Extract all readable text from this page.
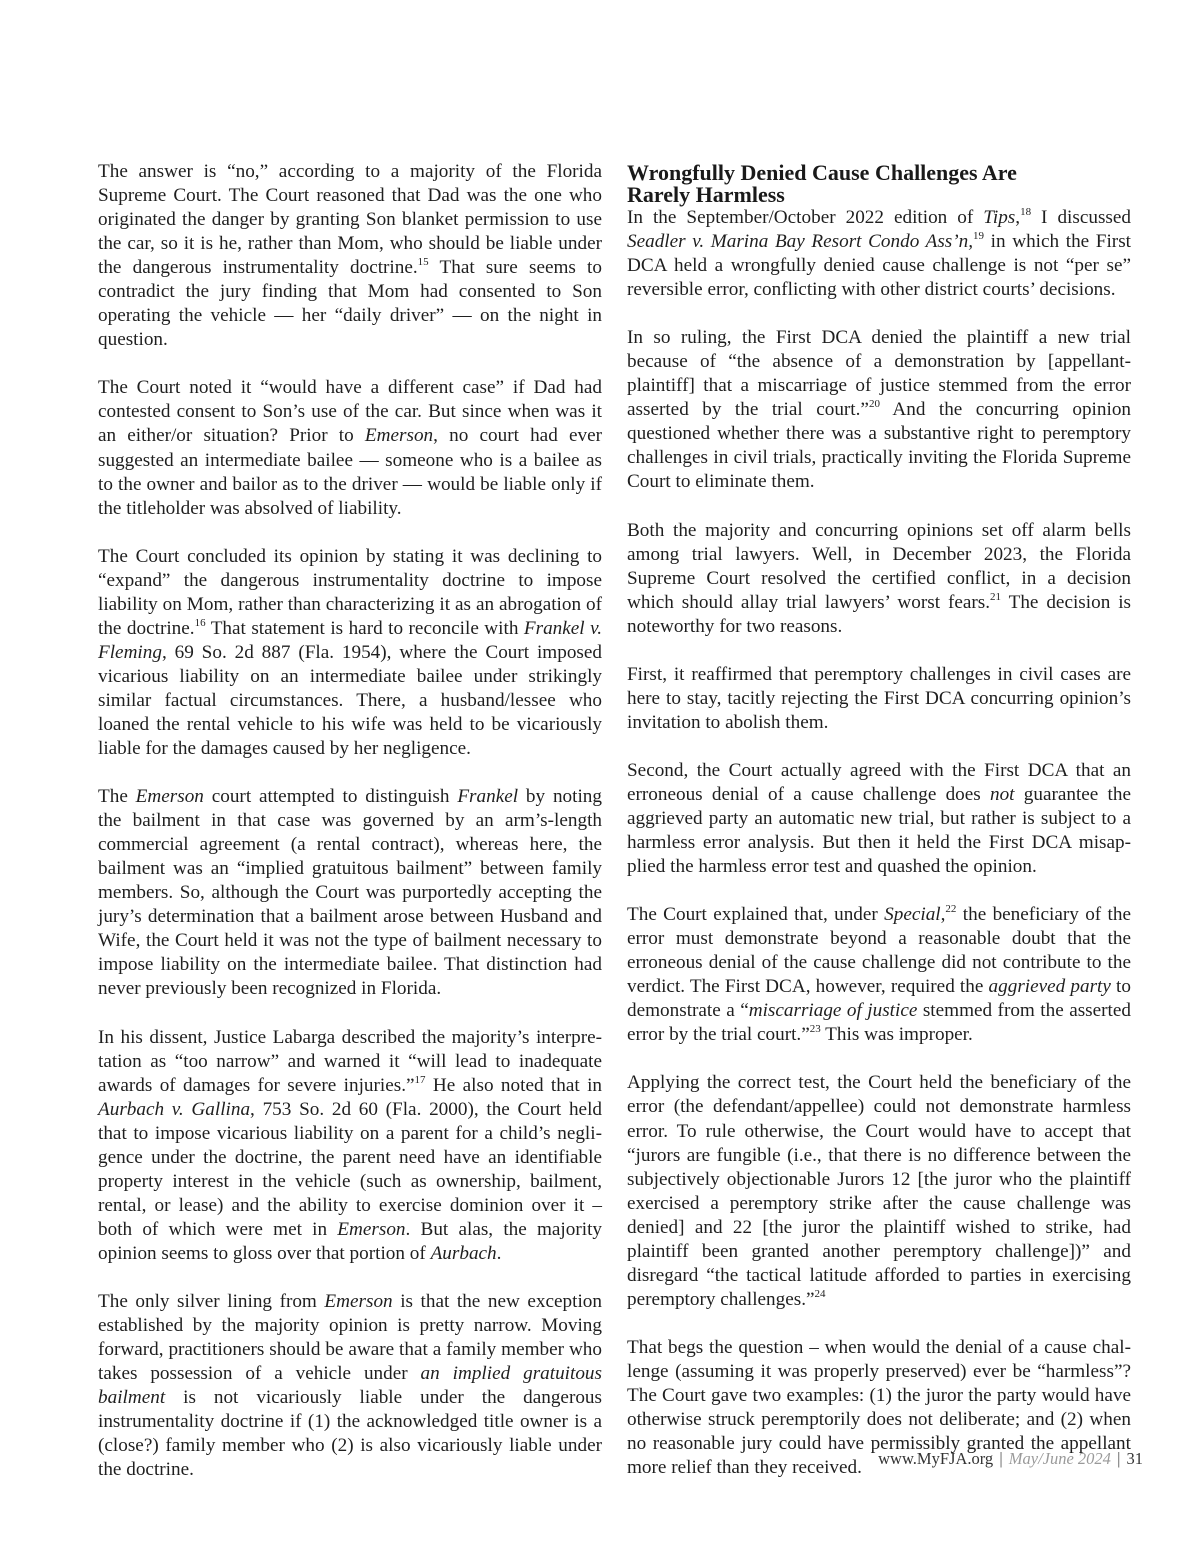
The answer is “no,” according to a majority of the Florida Supreme Court. The Court reasoned that Dad was the one who originated the danger by granting Son blanket permission to use the car, so it is he, rather than Mom, who should be liable under the dangerous instrumentality doctrine.$^{15}$ That sure seems to contradict the jury finding that Mom had consented to Son operating the vehicle — her “daily driver” — on the night in question.

The Court noted it “would have a different case” if Dad had contested consent to Son’s use of the car. But since when was it an either/or situation? Prior to Emerson, no court had ever suggested an intermediate bailee — someone who is a bailee as to the owner and bailor as to the driver — would be liable only if the titleholder was absolved of liability.

The Court concluded its opinion by stating it was declining to “expand” the dangerous instrumentality doctrine to impose liability on Mom, rather than characterizing it as an abrogation of the doctrine.$^{16}$ That statement is hard to reconcile with Frankel v. Fleming, 69 So. 2d 887 (Fla. 1954), where the Court imposed vicarious liability on an intermediate bailee under strikingly similar factual circumstances. There, a husband/lessee who loaned the rental vehicle to his wife was held to be vicariously liable for the damages caused by her negligence.

The Emerson court attempted to distinguish Frankel by noting the bailment in that case was governed by an arm’s-length commercial agreement (a rental contract), whereas here, the bailment was an “implied gratuitous bailment” between family members. So, although the Court was purportedly accepting the jury’s determination that a bailment arose between Husband and Wife, the Court held it was not the type of bailment necessary to impose liability on the intermediate bailee. That distinction had never previously been recognized in Florida.

In his dissent, Justice Labarga described the majority’s interpretation as “too narrow” and warned it “will lead to inadequate awards of damages for severe injuries.”$^{17}$ He also noted that in Aurbach v. Gallina, 753 So. 2d 60 (Fla. 2000), the Court held that to impose vicarious liability on a parent for a child’s negligence under the doctrine, the parent need have an identifiable property interest in the vehicle (such as ownership, bailment, rental, or lease) and the ability to exercise dominion over it – both of which were met in Emerson. But alas, the majority opinion seems to gloss over that portion of Aurbach.

The only silver lining from Emerson is that the new exception established by the majority opinion is pretty narrow. Moving forward, practitioners should be aware that a family member who takes possession of a vehicle under an implied gratuitous bailment is not vicariously liable under the dangerous instrumentality doctrine if (1) the acknowledged title owner is a (close?) family member who (2) is also vicariously liable under the doctrine.

Wrongfully Denied Cause Challenges Are
Rarely Harmless

In the September/October 2022 edition of Tips,$^{18}$ I discussed Seadler v. Marina Bay Resort Condo Ass’n,$^{19}$ in which the First DCA held a wrongfully denied cause challenge is not “per se” reversible error, conflicting with other district courts’ decisions.

In so ruling, the First DCA denied the plaintiff a new trial because of “the absence of a demonstration by [appellant-plaintiff] that a miscarriage of justice stemmed from the error asserted by the trial court.”$^{20}$ And the concurring opinion questioned whether there was a substantive right to peremptory challenges in civil trials, practically inviting the Florida Supreme Court to eliminate them.

Both the majority and concurring opinions set off alarm bells among trial lawyers. Well, in December 2023, the Florida Supreme Court resolved the certified conflict, in a decision which should allay trial lawyers’ worst fears.$^{21}$ The decision is noteworthy for two reasons.

First, it reaffirmed that peremptory challenges in civil cases are here to stay, tacitly rejecting the First DCA concurring opinion’s invitation to abolish them.

Second, the Court actually agreed with the First DCA that an erroneous denial of a cause challenge does not guarantee the aggrieved party an automatic new trial, but rather is subject to a harmless error analysis. But then it held the First DCA misapplied the harmless error test and quashed the opinion.

The Court explained that, under Special,$^{22}$ the beneficiary of the error must demonstrate beyond a reasonable doubt that the erroneous denial of the cause challenge did not contribute to the verdict. The First DCA, however, required the aggrieved party to demonstrate a “miscarriage of justice stemmed from the asserted error by the trial court.”$^{23}$ This was improper.

Applying the correct test, the Court held the beneficiary of the error (the defendant/appellee) could not demonstrate harmless error. To rule otherwise, the Court would have to accept that “jurors are fungible (i.e., that there is no difference between the subjectively objectionable Jurors 12 [the juror who the plaintiff exercised a peremptory strike after the cause challenge was denied] and 22 [the juror the plaintiff wished to strike, had plaintiff been granted another peremptory challenge])” and disregard “the tactical latitude afforded to parties in exercising peremptory challenges.”$^{24}$

That begs the question – when would the denial of a cause challenge (assuming it was properly preserved) ever be “harmless”? The Court gave two examples: (1) the juror the party would have otherwise struck peremptorily does not deliberate; and (2) when no reasonable jury could have permissibly granted the appellant more relief than they received. www.MyFJA.org | May/June 2024 | 31
